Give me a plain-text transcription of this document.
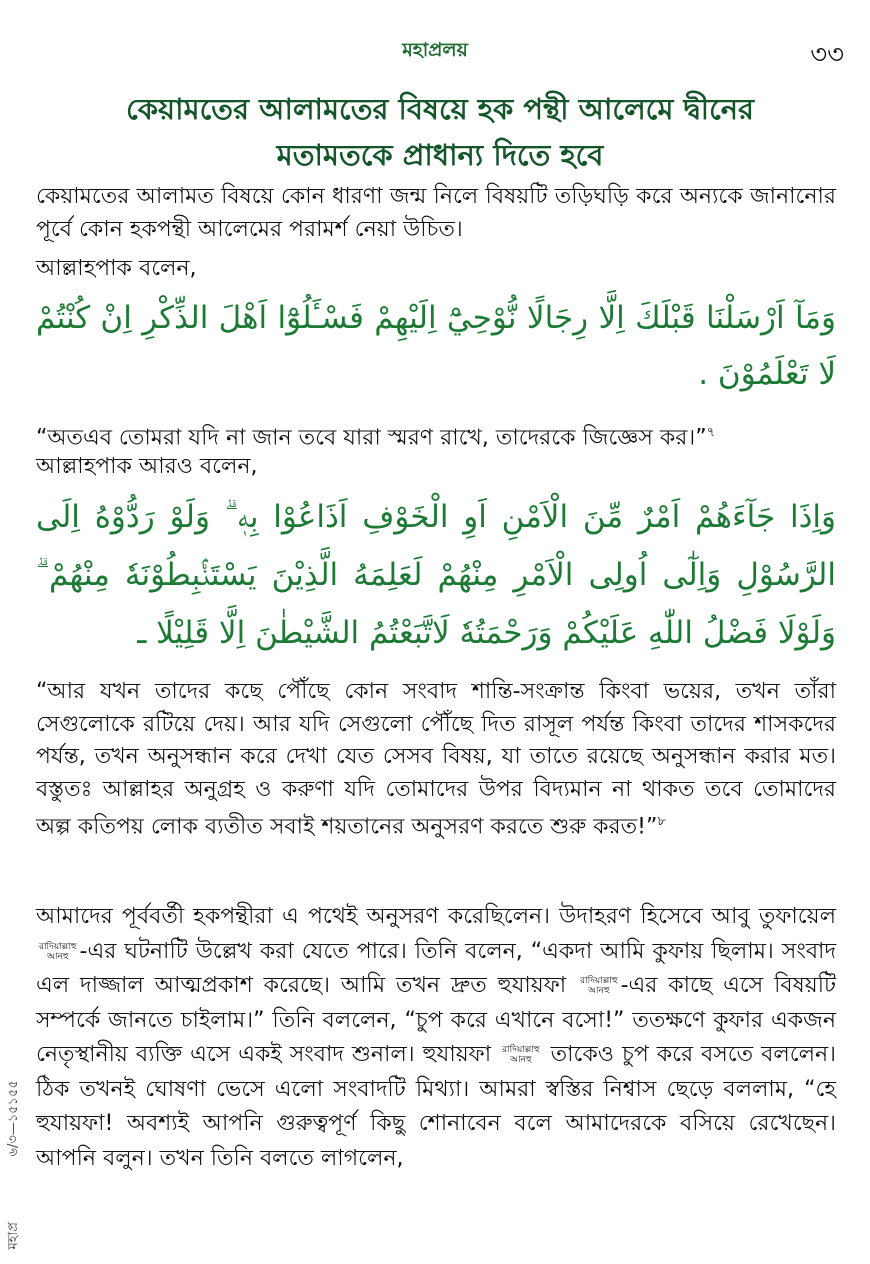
মহাপ্রলয়	৩৩
কেয়ামতের আলামতের বিষয়ে হক পন্থী আলেমে দ্বীনের
মতামতকে প্রাধান্য দিতে হবে
কেয়ামতের আলামত বিষয়ে কোন ধারণা জন্ম নিলে বিষয়টি তড়িঘড়ি করে অন্যকে জানানোর পূর্বে কোন হকপন্থী আলেমের পরামর্শ নেয়া উচিত।
আল্লাহপাক বলেন,
وَمَآ اَرْسَلْنَا قَبْلَكَ اِلَّا رِجَالًا نُّوْحِيْٓ اِلَيْهِمْ فَسْـَٔلُوْٓا اَهْلَ الذِّكْرِ اِنْ كُنْتُمْ لَا تَعْلَمُوْنَ .
“অতএব তোমরা যদি না জান তবে যারা স্মরণ রাখে, তাদেরকে জিজ্ঞেস কর।”$^৭$
আল্লাহপাক আরও বলেন,
وَاِذَا جَآءَهُمْ اَمْرٌ مِّنَ الْاَمْنِ اَوِ الْخَوْفِ اَذَاعُوْا بِهٖ ۗ وَلَوْ رَدُّوْهُ اِلَى الرَّسُوْلِ وَاِلٰٓى اُولِى الْاَمْرِ مِنْهُمْ لَعَلِمَهُ الَّذِيْنَ يَسْتَنْۢبِطُوْنَهٗ مِنْهُمْ ۗ وَلَوْلَا فَضْلُ اللّٰهِ عَلَيْكُمْ وَرَحْمَتُهٗ لَاتَّبَعْتُمُ الشَّيْطٰنَ اِلَّا قَلِيْلًا ـ
“আর যখন তাদের কছে পৌঁছে কোন সংবাদ শান্তি-সংক্রান্ত কিংবা ভয়ের, তখন তাঁরা সেগুলোকে রটিয়ে দেয়। আর যদি সেগুলো পৌঁছে দিত রাসূল পর্যন্ত কিংবা তাদের শাসকদের পর্যন্ত, তখন অনুসন্ধান করে দেখা যেত সেসব বিষয়, যা তাতে রয়েছে অনুসন্ধান করার মত। বস্তুতঃ আল্লাহর অনুগ্রহ ও করুণা যদি তোমাদের উপর বিদ্যমান না থাকত তবে তোমাদের অল্প কতিপয় লোক ব্যতীত সবাই শয়তানের অনুসরণ করতে শুরু করত!”$^৮$
আমাদের পূর্ববর্তী হকপন্থীরা এ পথেই অনুসরণ করেছিলেন। উদাহরণ হিসেবে আবু তুফায়েল রাদিয়াল্লাহু
আনহু -এর ঘটনাটি উল্লেখ করা যেতে পারে। তিনি বলেন, “একদা আমি কুফায় ছিলাম। সংবাদ এল দাজ্জাল আত্মপ্রকাশ করেছে। আমি তখন দ্রুত হুযায়ফা রাদিয়াল্লাহু
আনহু -এর কাছে এসে বিষয়টি সম্পর্কে জানতে চাইলাম।” তিনি বললেন, “চুপ করে এখানে বসো!” ততক্ষণে কুফার একজন নেতৃস্থানীয় ব্যক্তি এসে একই সংবাদ শুনাল। হুযায়ফা রাদিয়াল্লাহু
আনহু তাকেও চুপ করে বসতে বললেন। ঠিক তখনই ঘোষণা ভেসে এলো সংবাদটি মিথ্যা। আমরা স্বস্তির নিশ্বাস ছেড়ে বললাম, “হে হুযায়ফা! অবশ্যই আপনি গুরুত্বপূর্ণ কিছু শোনাবেন বলে আমাদেরকে বসিয়ে রেখেছেন। আপনি বলুন। তখন তিনি বলতে লাগলেন,
৬/৩—১৫১৫৫
মহাপ্র
